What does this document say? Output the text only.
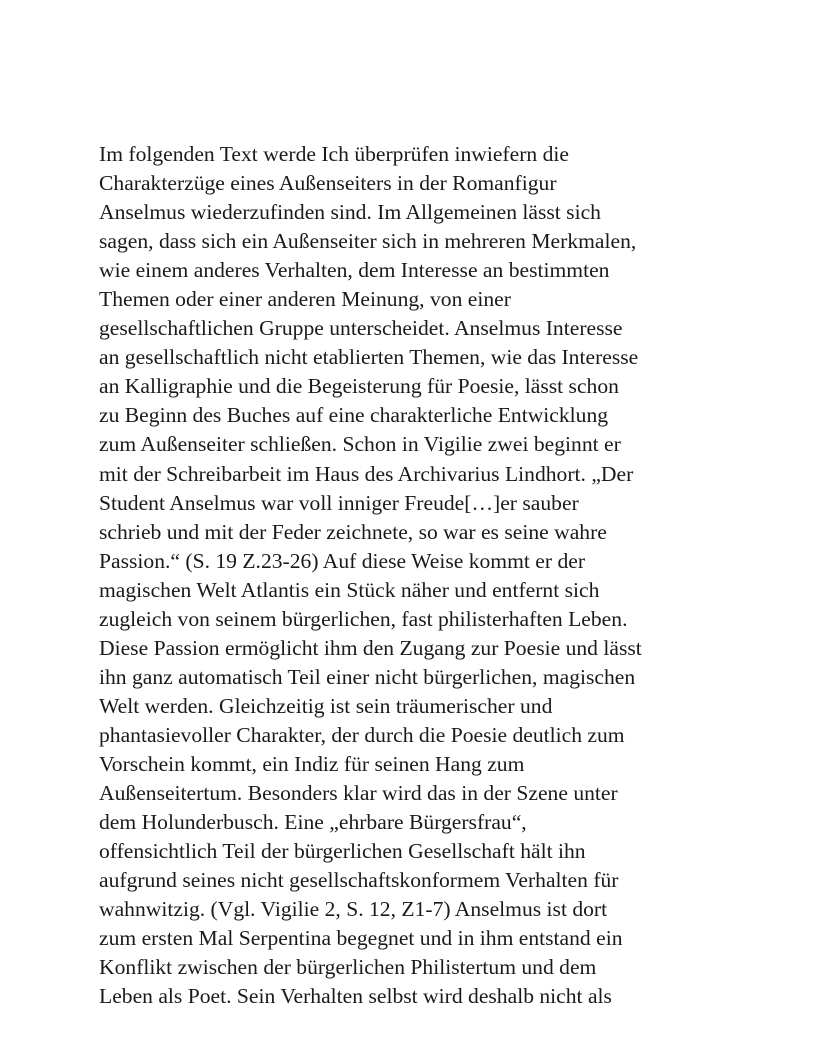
Im folgenden Text werde Ich überprüfen inwiefern die
Charakterzüge eines Außenseiters in der Romanfigur
Anselmus wiederzufinden sind. Im Allgemeinen lässt sich
sagen, dass sich ein Außenseiter sich in mehreren Merkmalen,
wie einem anderes Verhalten, dem Interesse an bestimmten
Themen oder einer anderen Meinung, von einer
gesellschaftlichen Gruppe unterscheidet. Anselmus Interesse
an gesellschaftlich nicht etablierten Themen, wie das Interesse
an Kalligraphie und die Begeisterung für Poesie, lässt schon
zu Beginn des Buches auf eine charakterliche Entwicklung
zum Außenseiter schließen. Schon in Vigilie zwei beginnt er
mit der Schreibarbeit im Haus des Archivarius Lindhort. „Der
Student Anselmus war voll inniger Freude[…]er sauber
schrieb und mit der Feder zeichnete, so war es seine wahre
Passion.“ (S. 19 Z.23-26) Auf diese Weise kommt er der
magischen Welt Atlantis ein Stück näher und entfernt sich
zugleich von seinem bürgerlichen, fast philisterhaften Leben.
Diese Passion ermöglicht ihm den Zugang zur Poesie und lässt
ihn ganz automatisch Teil einer nicht bürgerlichen, magischen
Welt werden. Gleichzeitig ist sein träumerischer und
phantasievoller Charakter, der durch die Poesie deutlich zum
Vorschein kommt, ein Indiz für seinen Hang zum
Außenseitertum. Besonders klar wird das in der Szene unter
dem Holunderbusch. Eine „ehrbare Bürgersfrau“,
offensichtlich Teil der bürgerlichen Gesellschaft hält ihn
aufgrund seines nicht gesellschaftskonformem Verhalten für
wahnwitzig. (Vgl. Vigilie 2, S. 12, Z1-7) Anselmus ist dort
zum ersten Mal Serpentina begegnet und in ihm entstand ein
Konflikt zwischen der bürgerlichen Philistertum und dem
Leben als Poet. Sein Verhalten selbst wird deshalb nicht als
